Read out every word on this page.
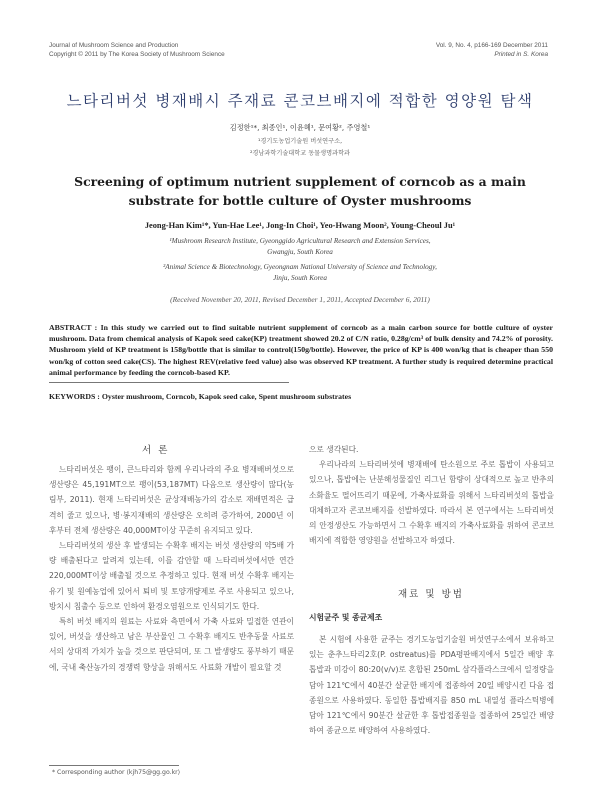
Journal of Mushroom Science and Production
Copyright © 2011 by The Korea Society of Mushroom Science
Vol. 9, No. 4, p166-169 December 2011
Printed in S. Korea
느타리버섯 병재배시 주재료 콘코브배지에 적합한 영양원 탐색
김정한¹*, 최종인¹, 이윤혜¹, 문여황², 주영철¹
¹경기도농업기술원 버섯연구소,
²경남과학기술대학교 동물생명과학과
Screening of optimum nutrient supplement of corncob as a main substrate for bottle culture of Oyster mushrooms
Jeong-Han Kim¹*, Yun-Hae Lee¹, Jong-In Choi¹, Yeo-Hwang Moon², Young-Cheoul Ju¹
¹Mushroom Research Institute, Gyeonggido Agricultural Research and Extension Services,
Gwangju, South Korea
²Animal Science & Biotechnology, Gyeongnam National University of Science and Technology,
Jinju, South Korea
(Received November 20, 2011, Revised December 1, 2011, Accepted December 6, 2011)
ABSTRACT : In this study we carried out to find suitable nutrient supplement of corncob as a main carbon source for bottle culture of oyster mushroom. Data from chemical analysis of Kapok seed cake(KP) treatment showed 20.2 of C/N ratio, 0.28g/cm³ of bulk density and 74.2% of porosity. Mushroom yield of KP treatment is 158g/bottle that is similar to control(150g/bottle). However, the price of KP is 400 won/kg that is cheaper than 550 won/kg of cotton seed cake(CS). The highest REV(relative feed value) also was observed KP treatment. A further study is required determine practical animal performance by feeding the corncob-based KP.
KEYWORDS : Oyster mushroom, Corncob, Kapok seed cake, Spent mushroom substrates
서 론

느타리버섯은 팽이, 큰느타리와 함께 우리나라의 주요 병재배버섯으로 생산량은 45,191MT으로 팽이(53,187MT) 다음으로 생산량이 많다(농림부, 2011). 현재 느타리버섯은 균상재배농가의 감소로 재배면적은 급격히 줄고 있으나, 병·봉지재배의 생산량은 오히려 증가하여, 2000년 이후부터 전체 생산량은 40,000MT이상 꾸준히 유지되고 있다.

느타리버섯의 생산 후 발생되는 수확후 배지는 버섯 생산량의 약5배 가량 배출된다고 알려져 있는데, 이를 감안할 때 느타리버섯에서만 연간 220,000MT이상 배출될 것으로 추정하고 있다. 현재 버섯 수확후 배지는 유기 및 원예농업에 있어서 퇴비 및 토양개량제로 주로 사용되고 있으나, 방치시 침출수 등으로 인하여 환경오염원으로 인식되기도 한다.

특히 버섯 배지의 원료는 사료와 측면에서 가축 사료와 밀접한 연관이 있어, 버섯을 생산하고 남은 부산물인 그 수확후 배지도 반추동물 사료로서의 상대적 가치가 높을 것으로 판단되며, 또 그 발생량도 풍부하기 때문에, 국내 축산농가의 경쟁력 향상을 위해서도 사료화 개발이 필요할 것

으로 생각된다.

우리나라의 느타리버섯에 병재배에 탄소원으로 주로 톱밥이 사용되고 있으나, 톱밥에는 난분해성물질인 리그닌 함량이 상대적으로 높고 반추의 소화율도 떨어뜨리기 때문에, 가축사료화를 위해서 느타리버섯의 톱밥을 대체하고자 콘코브배지를 선발하였다. 따라서 본 연구에서는 느타리버섯의 안정생산도 가능하면서 그 수확후 배지의 가축사료화를 위하여 콘코브배지에 적합한 영양원을 선발하고자 하였다.

재료 및 방법
시험균주 및 종균제조

본 시험에 사용한 균주는 경기도농업기술원 버섯연구소에서 보유하고 있는 춘추느타리2호(P. ostreatus)를 PDA평판배지에서 5일간 배양 후 톱밥과 미강이 80:20(v/v)로 혼합된 250mL 삼각플라스크에서 일정량을 담아 121℃에서 40분간 살균한 배지에 접종하여 20일 배양시킨 다음 접종원으로 사용하였다. 동일한 톱밥배지를 850 mL 내열성 플라스틱병에 담아 121℃에서 90분간 살균한 후 톱밥접종원을 접종하여 25일간 배양하여 종균으로 배양하여 사용하였다.

* Corresponding author ⟨kjh75@gg.go.kr⟩
